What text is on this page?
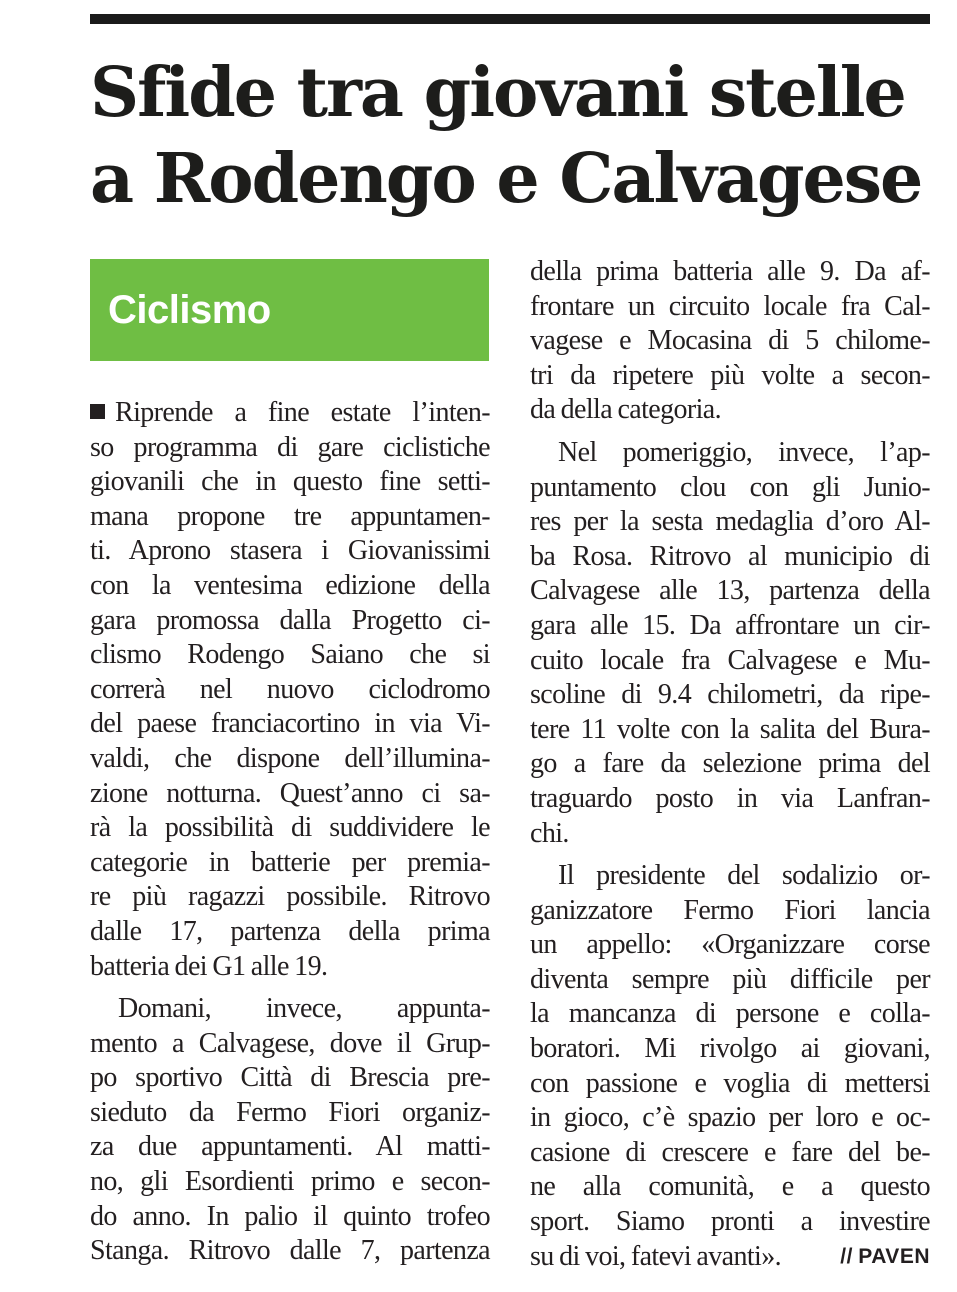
Sfide tra giovani stelle
a Rodengo e Calvagese
Ciclismo
Riprende a fine estate l’inten-
so programma di gare ciclistiche
giovanili che in questo fine setti-
mana propone tre appuntamen-
ti. Aprono stasera i Giovanissimi
con la ventesima edizione della
gara promossa dalla Progetto ci-
clismo Rodengo Saiano che si
correrà nel nuovo ciclodromo
del paese franciacortino in via Vi-
valdi, che dispone dell’illumina-
zione notturna. Quest’anno ci sa-
rà la possibilità di suddividere le
categorie in batterie per premia-
re più ragazzi possibile. Ritrovo
dalle 17, partenza della prima
batteria dei G1 alle 19.
Domani, invece, appunta-
mento a Calvagese, dove il Grup-
po sportivo Città di Brescia pre-
sieduto da Fermo Fiori organiz-
za due appuntamenti. Al matti-
no, gli Esordienti primo e secon-
do anno. In palio il quinto trofeo
Stanga. Ritrovo dalle 7, partenza
della prima batteria alle 9. Da af-
frontare un circuito locale fra Cal-
vagese e Mocasina di 5 chilome-
tri da ripetere più volte a secon-
da della categoria.
Nel pomeriggio, invece, l’ap-
puntamento clou con gli Junio-
res per la sesta medaglia d’oro Al-
ba Rosa. Ritrovo al municipio di
Calvagese alle 13, partenza della
gara alle 15. Da affrontare un cir-
cuito locale fra Calvagese e Mu-
scoline di 9.4 chilometri, da ripe-
tere 11 volte con la salita del Bura-
go a fare da selezione prima del
traguardo posto in via Lanfran-
chi.
Il presidente del sodalizio or-
ganizzatore Fermo Fiori lancia
un appello: «Organizzare corse
diventa sempre più difficile per
la mancanza di persone e colla-
boratori. Mi rivolgo ai giovani,
con passione e voglia di mettersi
in gioco, c’è spazio per loro e oc-
casione di crescere e fare del be-
ne alla comunità, e a questo
sport. Siamo pronti a investire
su di voi, fatevi avanti».	// PAVEN
